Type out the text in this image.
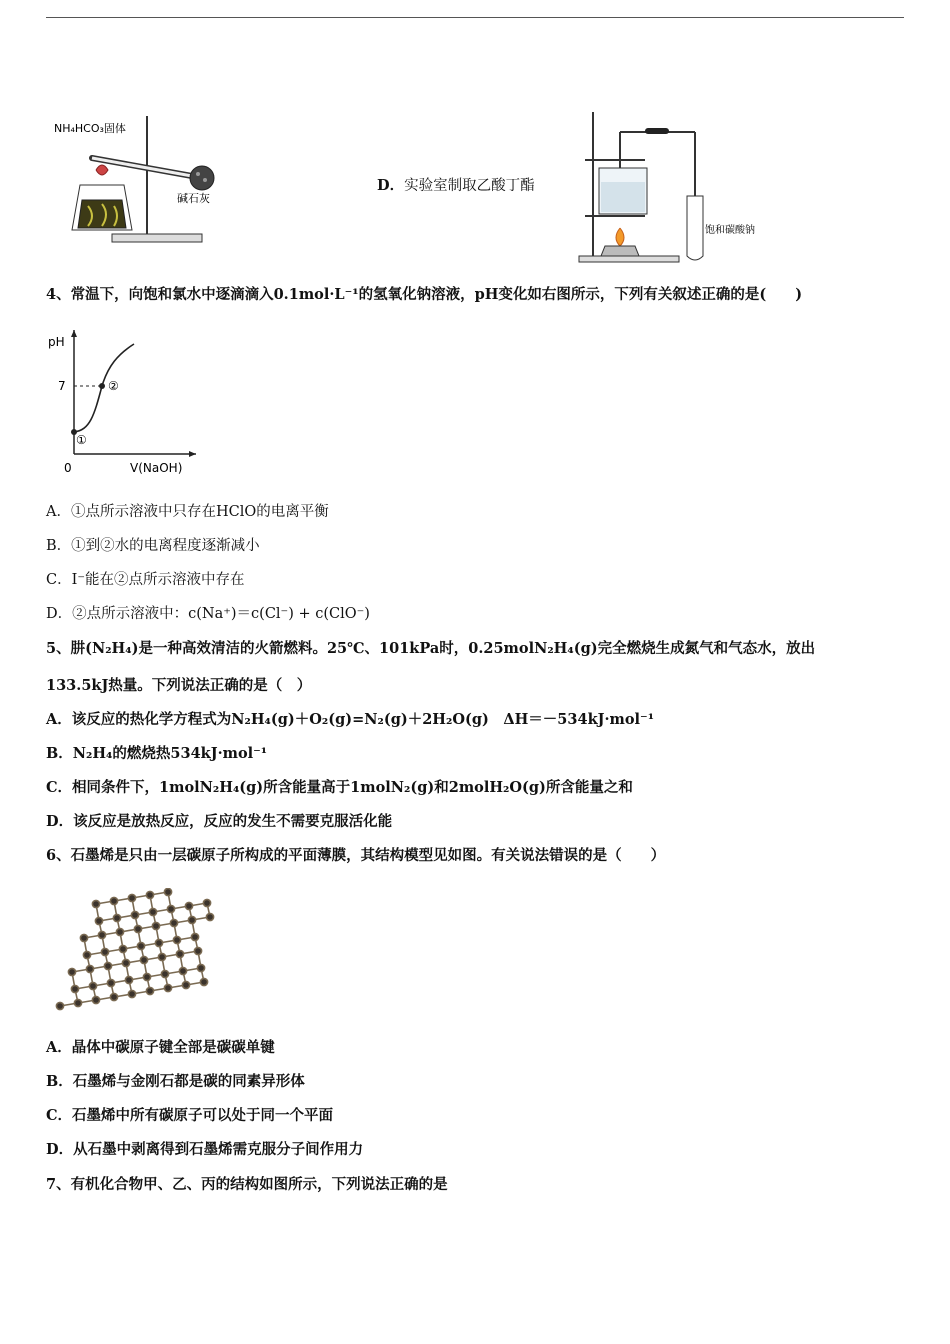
NH₄HCO₃固体
碱石灰
D．实验室制取乙酸丁酯
饱和碳酸钠
4、常温下，向饱和氯水中逐滴滴入0.1mol·L⁻¹的氢氧化钠溶液，pH变化如右图所示，下列有关叙述正确的是(　　)
pH
7
0	V(NaOH)
①
②
A．①点所示溶液中只存在HClO的电离平衡
B．①到②水的电离程度逐渐减小
C．I⁻能在②点所示溶液中存在
D．②点所示溶液中：c(Na⁺)＝c(Cl⁻) + c(ClO⁻)
5、肼(N₂H₄)是一种高效清洁的火箭燃料。25℃、101kPa时，0.25molN₂H₄(g)完全燃烧生成氮气和气态水，放出
133.5kJ热量。下列说法正确的是（　）
A．该反应的热化学方程式为N₂H₄(g)＋O₂(g)=N₂(g)＋2H₂O(g)　ΔH＝－534kJ·mol⁻¹
B．N₂H₄的燃烧热534kJ·mol⁻¹
C．相同条件下，1molN₂H₄(g)所含能量高于1molN₂(g)和2molH₂O(g)所含能量之和
D．该反应是放热反应，反应的发生不需要克服活化能
6、石墨烯是只由一层碳原子所构成的平面薄膜，其结构模型见如图。有关说法错误的是（　　）
A．晶体中碳原子键全部是碳碳单键
B．石墨烯与金刚石都是碳的同素异形体
C．石墨烯中所有碳原子可以处于同一个平面
D．从石墨中剥离得到石墨烯需克服分子间作用力
7、有机化合物甲、乙、丙的结构如图所示，下列说法正确的是
